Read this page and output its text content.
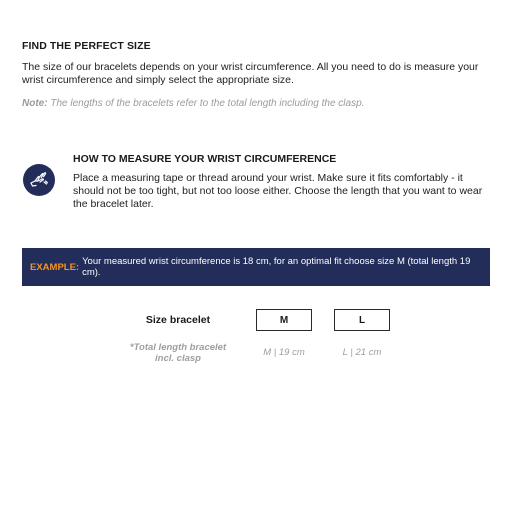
FIND THE PERFECT SIZE

The size of our bracelets depends on your wrist circumference. All you need to do is measure your wrist circumference and simply select the appropriate size.

Note: The lengths of the bracelets refer to the total length including the clasp.

HOW TO MEASURE YOUR WRIST CIRCUMFERENCE

Place a measuring tape or thread around your wrist. Make sure it fits comfortably - it should not be too tight, but not too loose either. Choose the length that you want to wear the bracelet later.

EXAMPLE: Your measured wrist circumference is 18 cm, for an optimal fit choose size M (total length 19 cm).
Size bracelet	M	L
*Total length bracelet
incl. clasp
M | 19 cm	L | 21 cm
